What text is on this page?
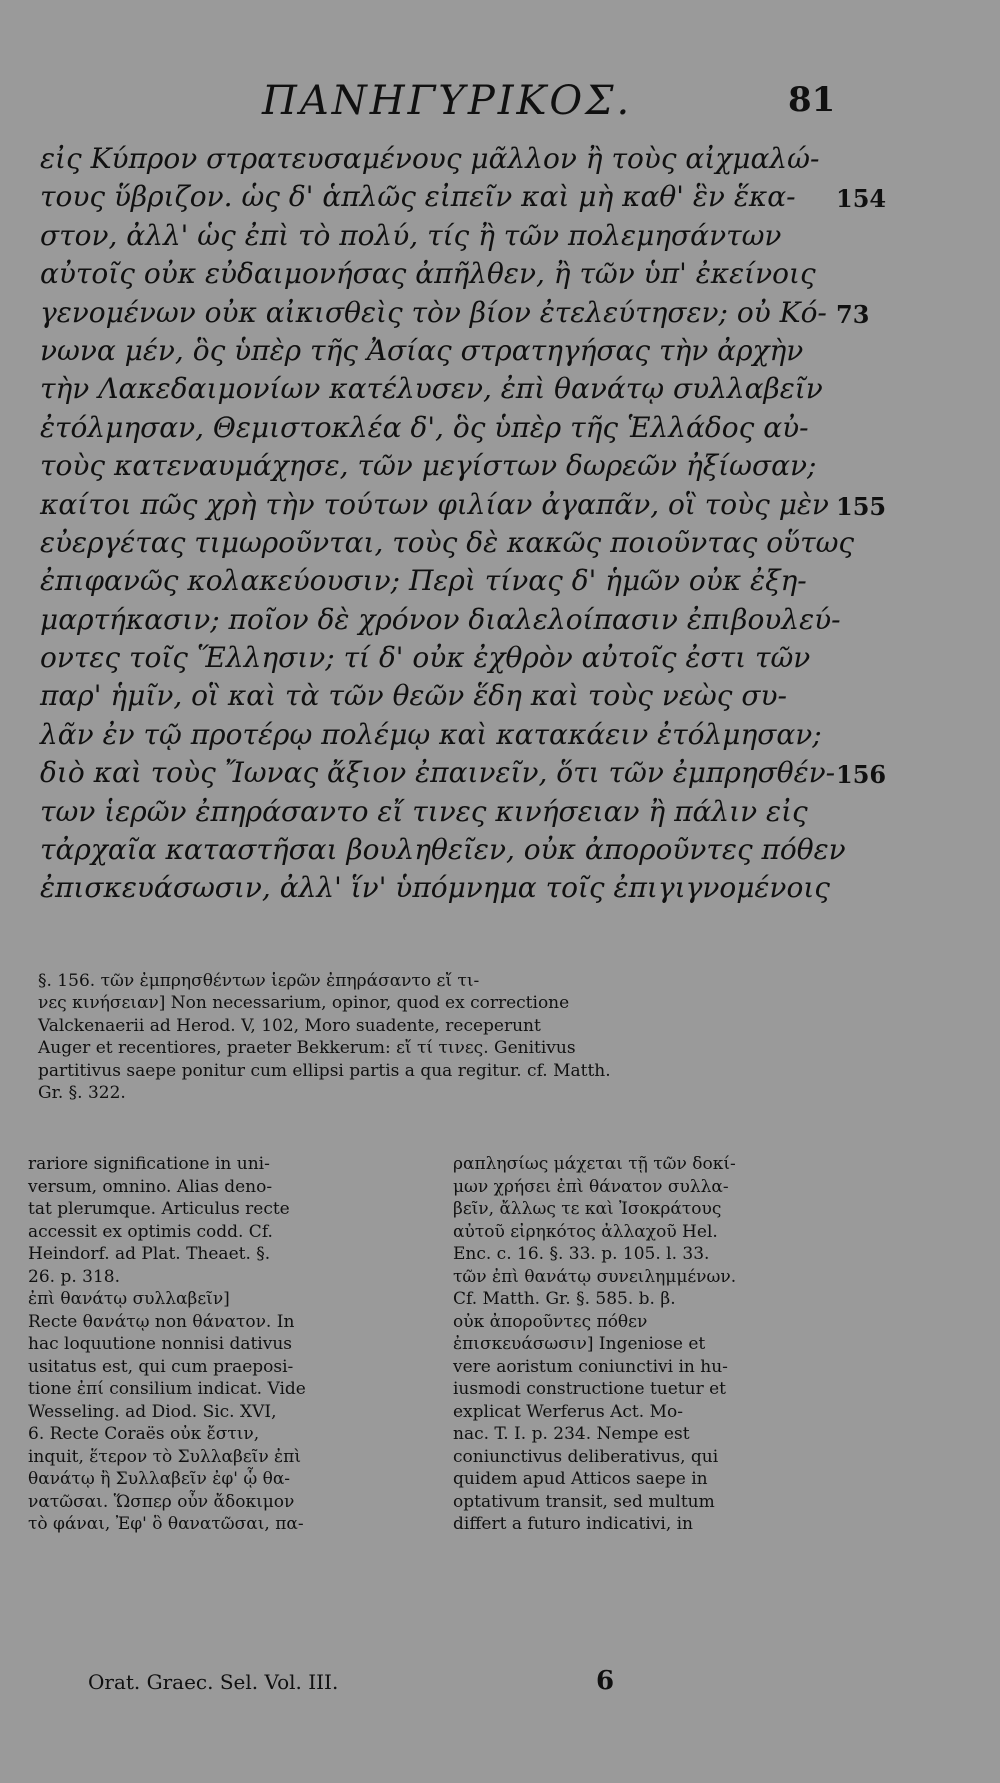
ΠΑΝΗΓΥΡΙΚΟΣ.	81
εἰς Κύπρον στρατευσαμένους μᾶλλον ἢ τοὺς αἰχμαλώ-
τους ὕβριζον. ὡς δ' ἁπλῶς εἰπεῖν καὶ μὴ καθ' ἓν ἕκα-
στον, ἀλλ' ὡς ἐπὶ τὸ πολύ, τίς ἢ τῶν πολεμησάντων
αὐτοῖς οὐκ εὐδαιμονήσας ἀπῆλθεν, ἢ τῶν ὑπ' ἐκείνοις
γενομένων οὐκ αἰκισθεὶς τὸν βίον ἐτελεύτησεν; οὐ Κό-
νωνα μέν, ὃς ὑπὲρ τῆς Ἀσίας στρατηγήσας τὴν ἀρχὴν
τὴν Λακεδαιμονίων κατέλυσεν, ἐπὶ θανάτῳ συλλαβεῖν
ἐτόλμησαν, Θεμιστοκλέα δ', ὃς ὑπὲρ τῆς Ἑλλάδος αὐ-
τοὺς κατεναυμάχησε, τῶν μεγίστων δωρεῶν ἠξίωσαν;
καίτοι πῶς χρὴ τὴν τούτων φιλίαν ἀγαπᾶν, οἳ τοὺς μὲν
εὐεργέτας τιμωροῦνται, τοὺς δὲ κακῶς ποιοῦντας οὕτως
ἐπιφανῶς κολακεύουσιν; Περὶ τίνας δ' ἡμῶν οὐκ ἐξη-
μαρτήκασιν; ποῖον δὲ χρόνον διαλελοίπασιν ἐπιβουλεύ-
οντες τοῖς Ἕλλησιν; τί δ' οὐκ ἐχθρὸν αὐτοῖς ἐστι τῶν
παρ' ἡμῖν, οἳ καὶ τὰ τῶν θεῶν ἕδη καὶ τοὺς νεὼς συ-
λᾶν ἐν τῷ προτέρῳ πολέμῳ καὶ κατακάειν ἐτόλμησαν;
διὸ καὶ τοὺς Ἴωνας ἄξιον ἐπαινεῖν, ὅτι τῶν ἐμπρησθέν-
των ἱερῶν ἐπηράσαντο εἴ τινες κινήσειαν ἢ πάλιν εἰς
τἀρχαῖα καταστῆσαι βουληθεῖεν, οὐκ ἀποροῦντες πόθεν
ἐπισκευάσωσιν, ἀλλ' ἵν' ὑπόμνημα τοῖς ἐπιγιγνομένοις
154
73
155
156
§. 156. τῶν ἐμπρησθέντων ἱερῶν ἐπηράσαντο εἴ τι-
νες κινήσειαν] Non necessarium, opinor, quod ex correctione
Valckenaerii ad Herod. V, 102, Moro suadente, receperunt
Auger et recentiores, praeter Bekkerum: εἴ τί τινες. Genitivus
partitivus saepe ponitur cum ellipsi partis a qua regitur. cf. Matth.
Gr. §. 322.
rariore significatione in uni-
versum, omnino. Alias deno-
tat plerumque. Articulus recte
accessit ex optimis codd. Cf.
Heindorf. ad Plat. Theaet. §.
26. p. 318.
ἐπὶ θανάτῳ συλλαβεῖν]
Recte θανάτῳ non θάνατον. In
hac loquutione nonnisi dativus
usitatus est, qui cum praeposi-
tione ἐπί consilium indicat. Vide
Wesseling. ad Diod. Sic. XVI,
6. Recte Coraës οὐκ ἔστιν,
inquit, ἕτερον τὸ Συλλαβεῖν ἐπὶ
θανάτῳ ἢ Συλλαβεῖν ἐφ' ᾧ θα-
νατῶσαι. Ὥσπερ οὖν ἄδοκιμον
τὸ φάναι, Ἐφ' ὃ θανατῶσαι, πα-
ραπλησίως μάχεται τῇ τῶν δοκί-
μων χρήσει ἐπὶ θάνατον συλλα-
βεῖν, ἄλλως τε καὶ Ἰσοκράτους
αὐτοῦ εἰρηκότος ἀλλαχοῦ Hel.
Enc. c. 16. §. 33. p. 105. l. 33.
τῶν ἐπὶ θανάτῳ συνειλημμένων.
Cf. Matth. Gr. §. 585. b. β.
οὐκ ἀποροῦντες πόθεν
ἐπισκευάσωσιν] Ingeniose et
vere aoristum coniunctivi in hu-
iusmodi constructione tuetur et
explicat Werferus Act. Mo-
nac. T. I. p. 234. Nempe est
coniunctivus deliberativus, qui
quidem apud Atticos saepe in
optativum transit, sed multum
differt a futuro indicativi, in
Orat. Graec. Sel. Vol. III.	6
